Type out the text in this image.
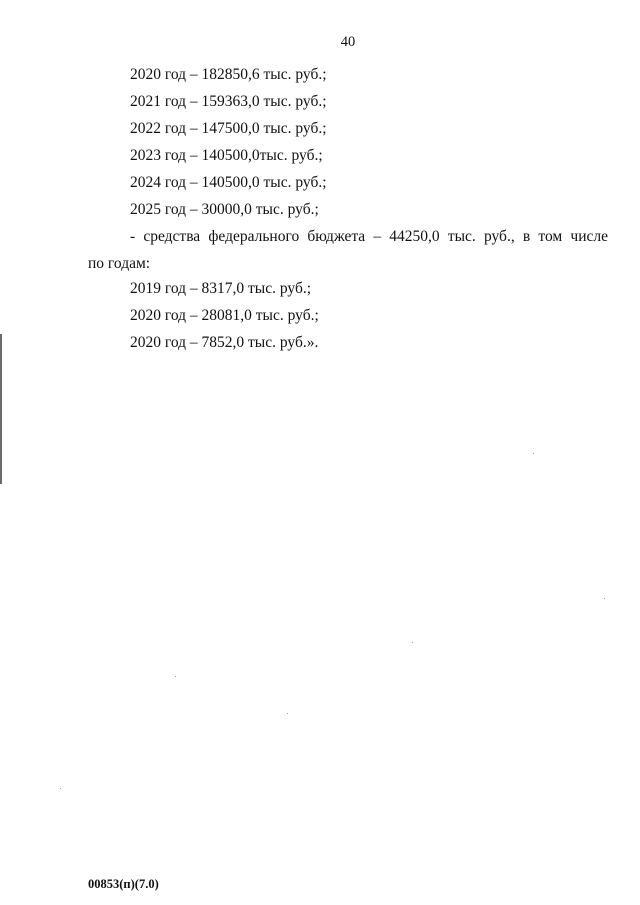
40
2020 год – 182850,6 тыс. руб.;
2021 год – 159363,0 тыс. руб.;
2022 год – 147500,0 тыс. руб.;
2023 год – 140500,0тыс. руб.;
2024 год – 140500,0 тыс. руб.;
2025 год – 30000,0 тыс. руб.;
- средства федерального бюджета – 44250,0 тыс. руб., в том числе
по годам:
2019 год – 8317,0 тыс. руб.;
2020 год – 28081,0 тыс. руб.;
2020 год – 7852,0 тыс. руб.».
00853(п)(7.0)
